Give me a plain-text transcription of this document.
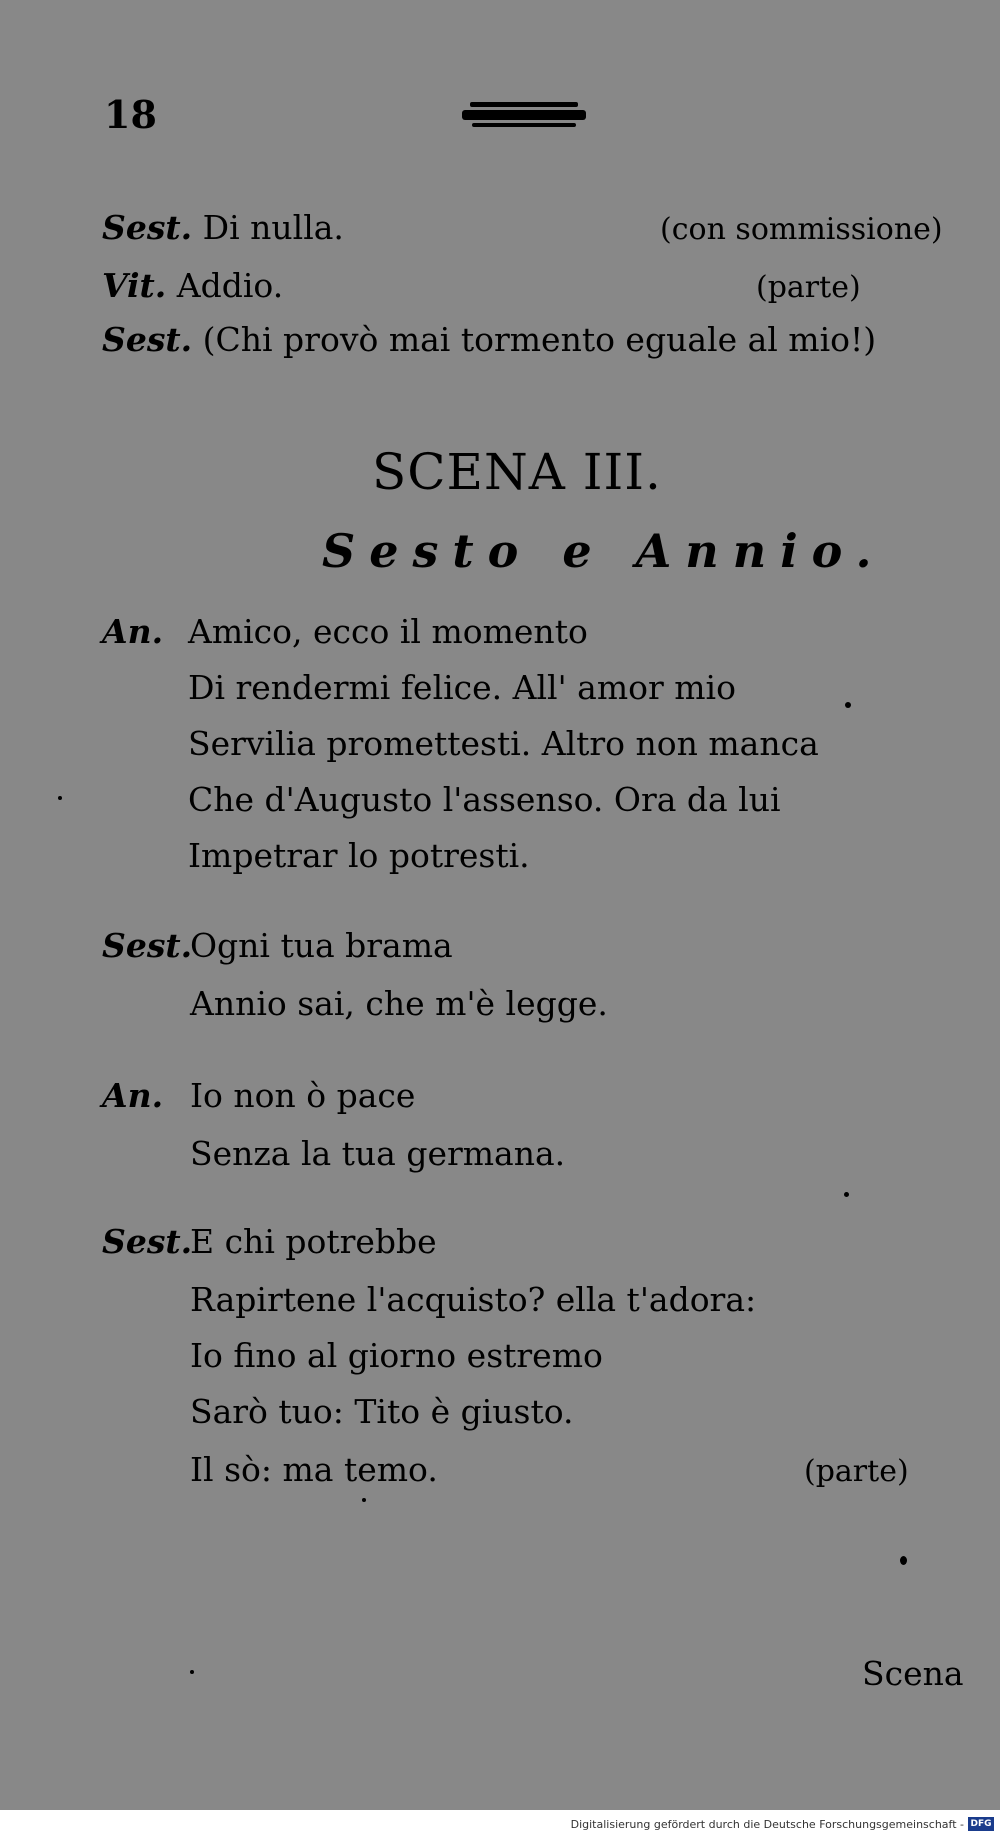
18
Sest. Di nulla.	(con sommissione)
Vit. Addio.	(parte)
Sest. (Chi provò mai tormento eguale al mio!)
SCENA III.
Sesto e Annio.
An. Amico, ecco il momento
Di rendermi felice. All' amor mio
Servilia promettesti. Altro non manca
Che d'Augusto l'assenso. Ora da lui
Impetrar lo potresti.
Sest.
Ogni tua brama
Annio sai, che m'è legge.
An. Io non ò pace
Senza la tua germana.
Sest.
E chi potrebbe
Rapirtene l'acquisto? ella t'adora:
Io fino al giorno estremo
Sarò tuo: Tito è giusto.
Il sò: ma temo.	(parte)
Scena
Digitalisierung gefördert durch die Deutsche Forschungsgemeinschaft - DFG
